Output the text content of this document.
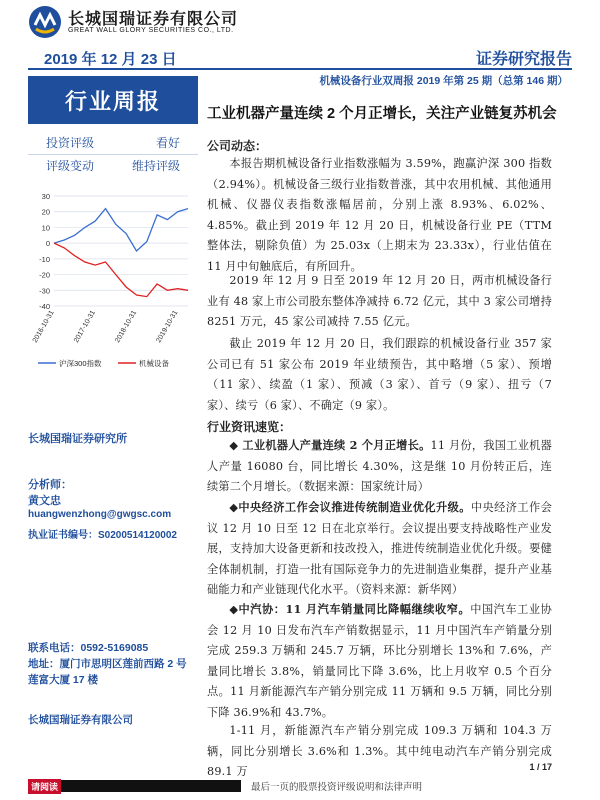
长城国瑞证券有限公司
GREAT WALL GLORY SECURITIES CO., LTD.
2019 年 12 月 23 日	证券研究报告
机械设备行业双周报 2019 年第 25 期（总第 146 期）
行业周报
投资评级	看好
评级变动	维持评级
30
20
10
0
-10
-20
-30
-40
2016-10-31 2017-10-31 2018-10-31 2019-10-31
沪深300指数	机械设备
长城国瑞证券研究所
分析师：
黄文忠
huangwenzhong@gwgsc.com
执业证书编号：S0200514120002
联系电话：0592-5169085
地址：厦门市思明区莲前西路 2 号莲富大厦 17 楼
长城国瑞证券有限公司
工业机器产量连续 2 个月正增长，关注产业链复苏机会
公司动态：

本报告期机械设备行业指数涨幅为 3.59%，跑赢沪深 300 指数（2.94%）。机械设备三级行业指数普涨，其中农用机械、其他通用机械、仪器仪表指数涨幅居前，分别上涨 8.93%、6.02%、4.85%。截止到 2019 年 12 月 20 日，机械设备行业 PE（TTM 整体法，剔除负值）为 25.03x（上期末为 23.33x），行业估值在 11 月中旬触底后，有所回升。

2019 年 12 月 9 日至 2019 年 12 月 20 日，两市机械设备行业有 48 家上市公司股东整体净减持 6.72 亿元，其中 3 家公司增持 8251 万元，45 家公司减持 7.55 亿元。

截止 2019 年 12 月 20 日，我们跟踪的机械设备行业 357 家公司已有 51 家公布 2019 年业绩预告，其中略增（5 家）、预增（11 家）、续盈（1 家）、预减（3 家）、首亏（9 家）、扭亏（7 家）、续亏（6 家）、不确定（9 家）。

行业资讯速览：

◆ 工业机器人产量连续 2 个月正增长。11 月份，我国工业机器人产量 16080 台，同比增长 4.30%，这是继 10 月份转正后，连续第二个月增长。（数据来源：国家统计局）

◆中央经济工作会议推进传统制造业优化升级。中央经济工作会议 12 月 10 日至 12 日在北京举行。会议提出要支持战略性产业发展，支持加大设备更新和技改投入，推进传统制造业优化升级。要健全体制机制，打造一批有国际竞争力的先进制造业集群，提升产业基础能力和产业链现代化水平。（资料来源：新华网）

◆中汽协：11 月汽车销量同比降幅继续收窄。中国汽车工业协会 12 月 10 日发布汽车产销数据显示，11 月中国汽车产销量分别完成 259.3 万辆和 245.7 万辆，环比分别增长 13%和 7.6%，产量同比增长 3.8%，销量同比下降 3.6%，比上月收窄 0.5 个百分点。11 月新能源汽车产销分别完成 11 万辆和 9.5 万辆，同比分别下降 36.9%和 43.7%。

1-11 月，新能源汽车产销分别完成 109.3 万辆和 104.3 万辆，同比分别增长 3.6%和 1.3%。其中纯电动汽车产销分别完成 89.1 万	1 / 17
请阅读	最后一页的股票投资评级说明和法律声明
